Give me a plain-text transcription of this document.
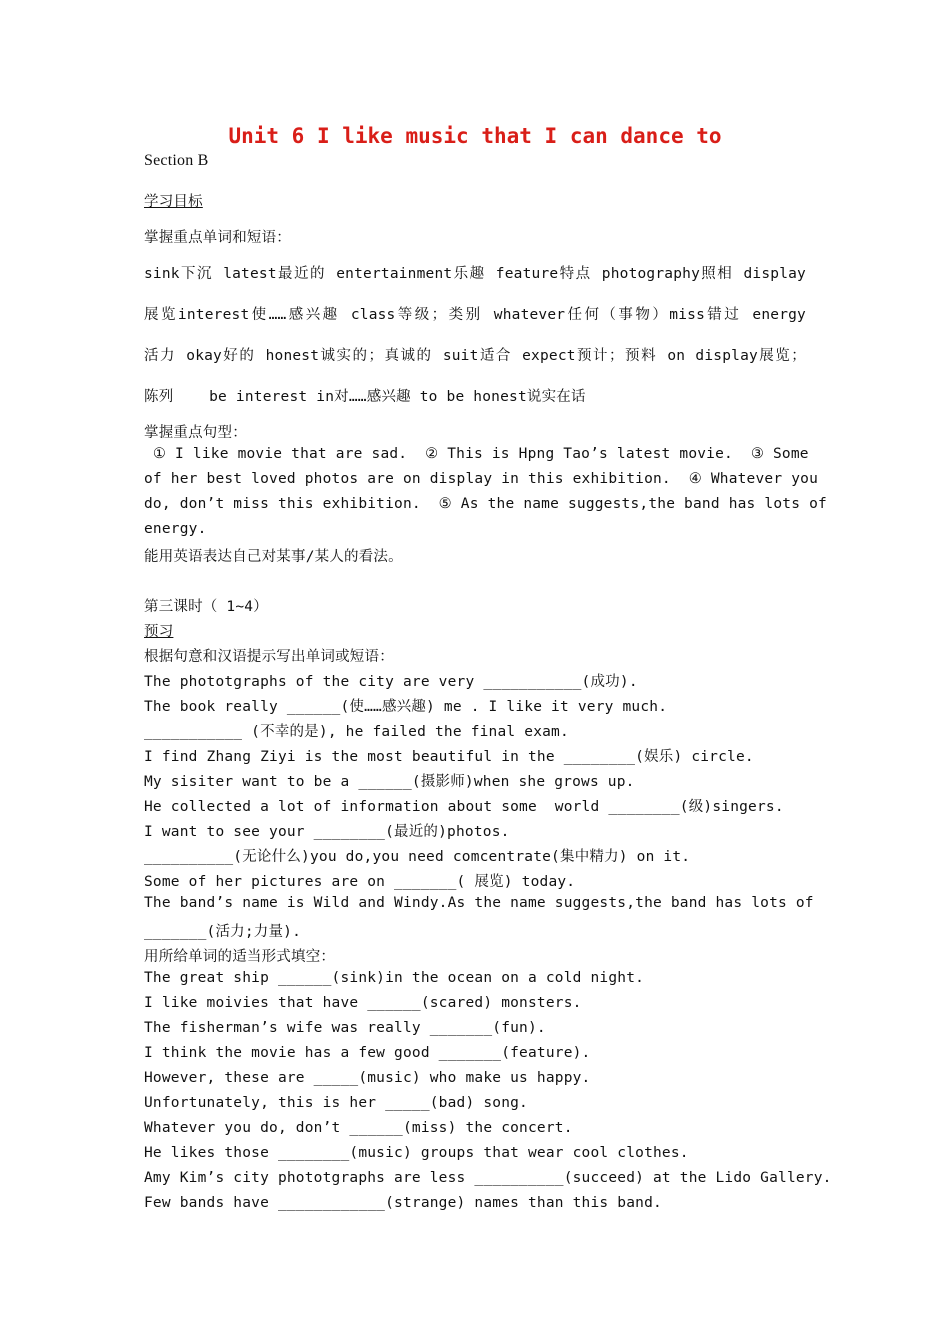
Unit 6 I like music that I can dance to
Section B
学习目标
掌握重点单词和短语：
sink下沉 latest最近的 entertainment乐趣 feature特点 photography照相 display
展览interest使……感兴趣 class等级；类别 whatever任何（事物）miss错过 energy
活力 okay好的 honest诚实的；真诚的 suit适合 expect预计；预料 on display展览；
陈列    be interest in对……感兴趣 to be honest说实在话
掌握重点句型：
① I like movie that are sad.  ② This is Hpng Tao’s latest movie.  ③ Some
of her best loved photos are on display in this exhibition.  ④ Whatever you
do, don’t miss this exhibition.  ⑤ As the name suggests,the band has lots of
energy.
能用英语表达自己对某事/某人的看法。
第三课时（ 1~4）
预习
根据句意和汉语提示写出单词或短语：
The phototgraphs of the city are very ___________(成功).
The book really ______(使……感兴趣) me . I like it very much.
___________ (不幸的是), he failed the final exam.
I find Zhang Ziyi is the most beautiful in the ________(娱乐) circle.
My sisiter want to be a ______(摄影师)when she grows up.
He collected a lot of information about some  world ________(级)singers.
I want to see your ________(最近的)photos.
__________(无论什么)you do,you need comcentrate(集中精力) on it.
Some of her pictures are on _______( 展览) today.
The band’s name is Wild and Windy.As the name suggests,the band has lots of
_______(活力;力量).
用所给单词的适当形式填空：
The great ship ______(sink)in the ocean on a cold night.
I like moivies that have ______(scared) monsters.
The fisherman’s wife was really _______(fun).
I think the movie has a few good _______(feature).
However, these are _____(music) who make us happy.
Unfortunately, this is her _____(bad) song.
Whatever you do, don’t ______(miss) the concert.
He likes those ________(music) groups that wear cool clothes.
Amy Kim’s city phototgraphs are less __________(succeed) at the Lido Gallery.
Few bands have ____________(strange) names than this band.
